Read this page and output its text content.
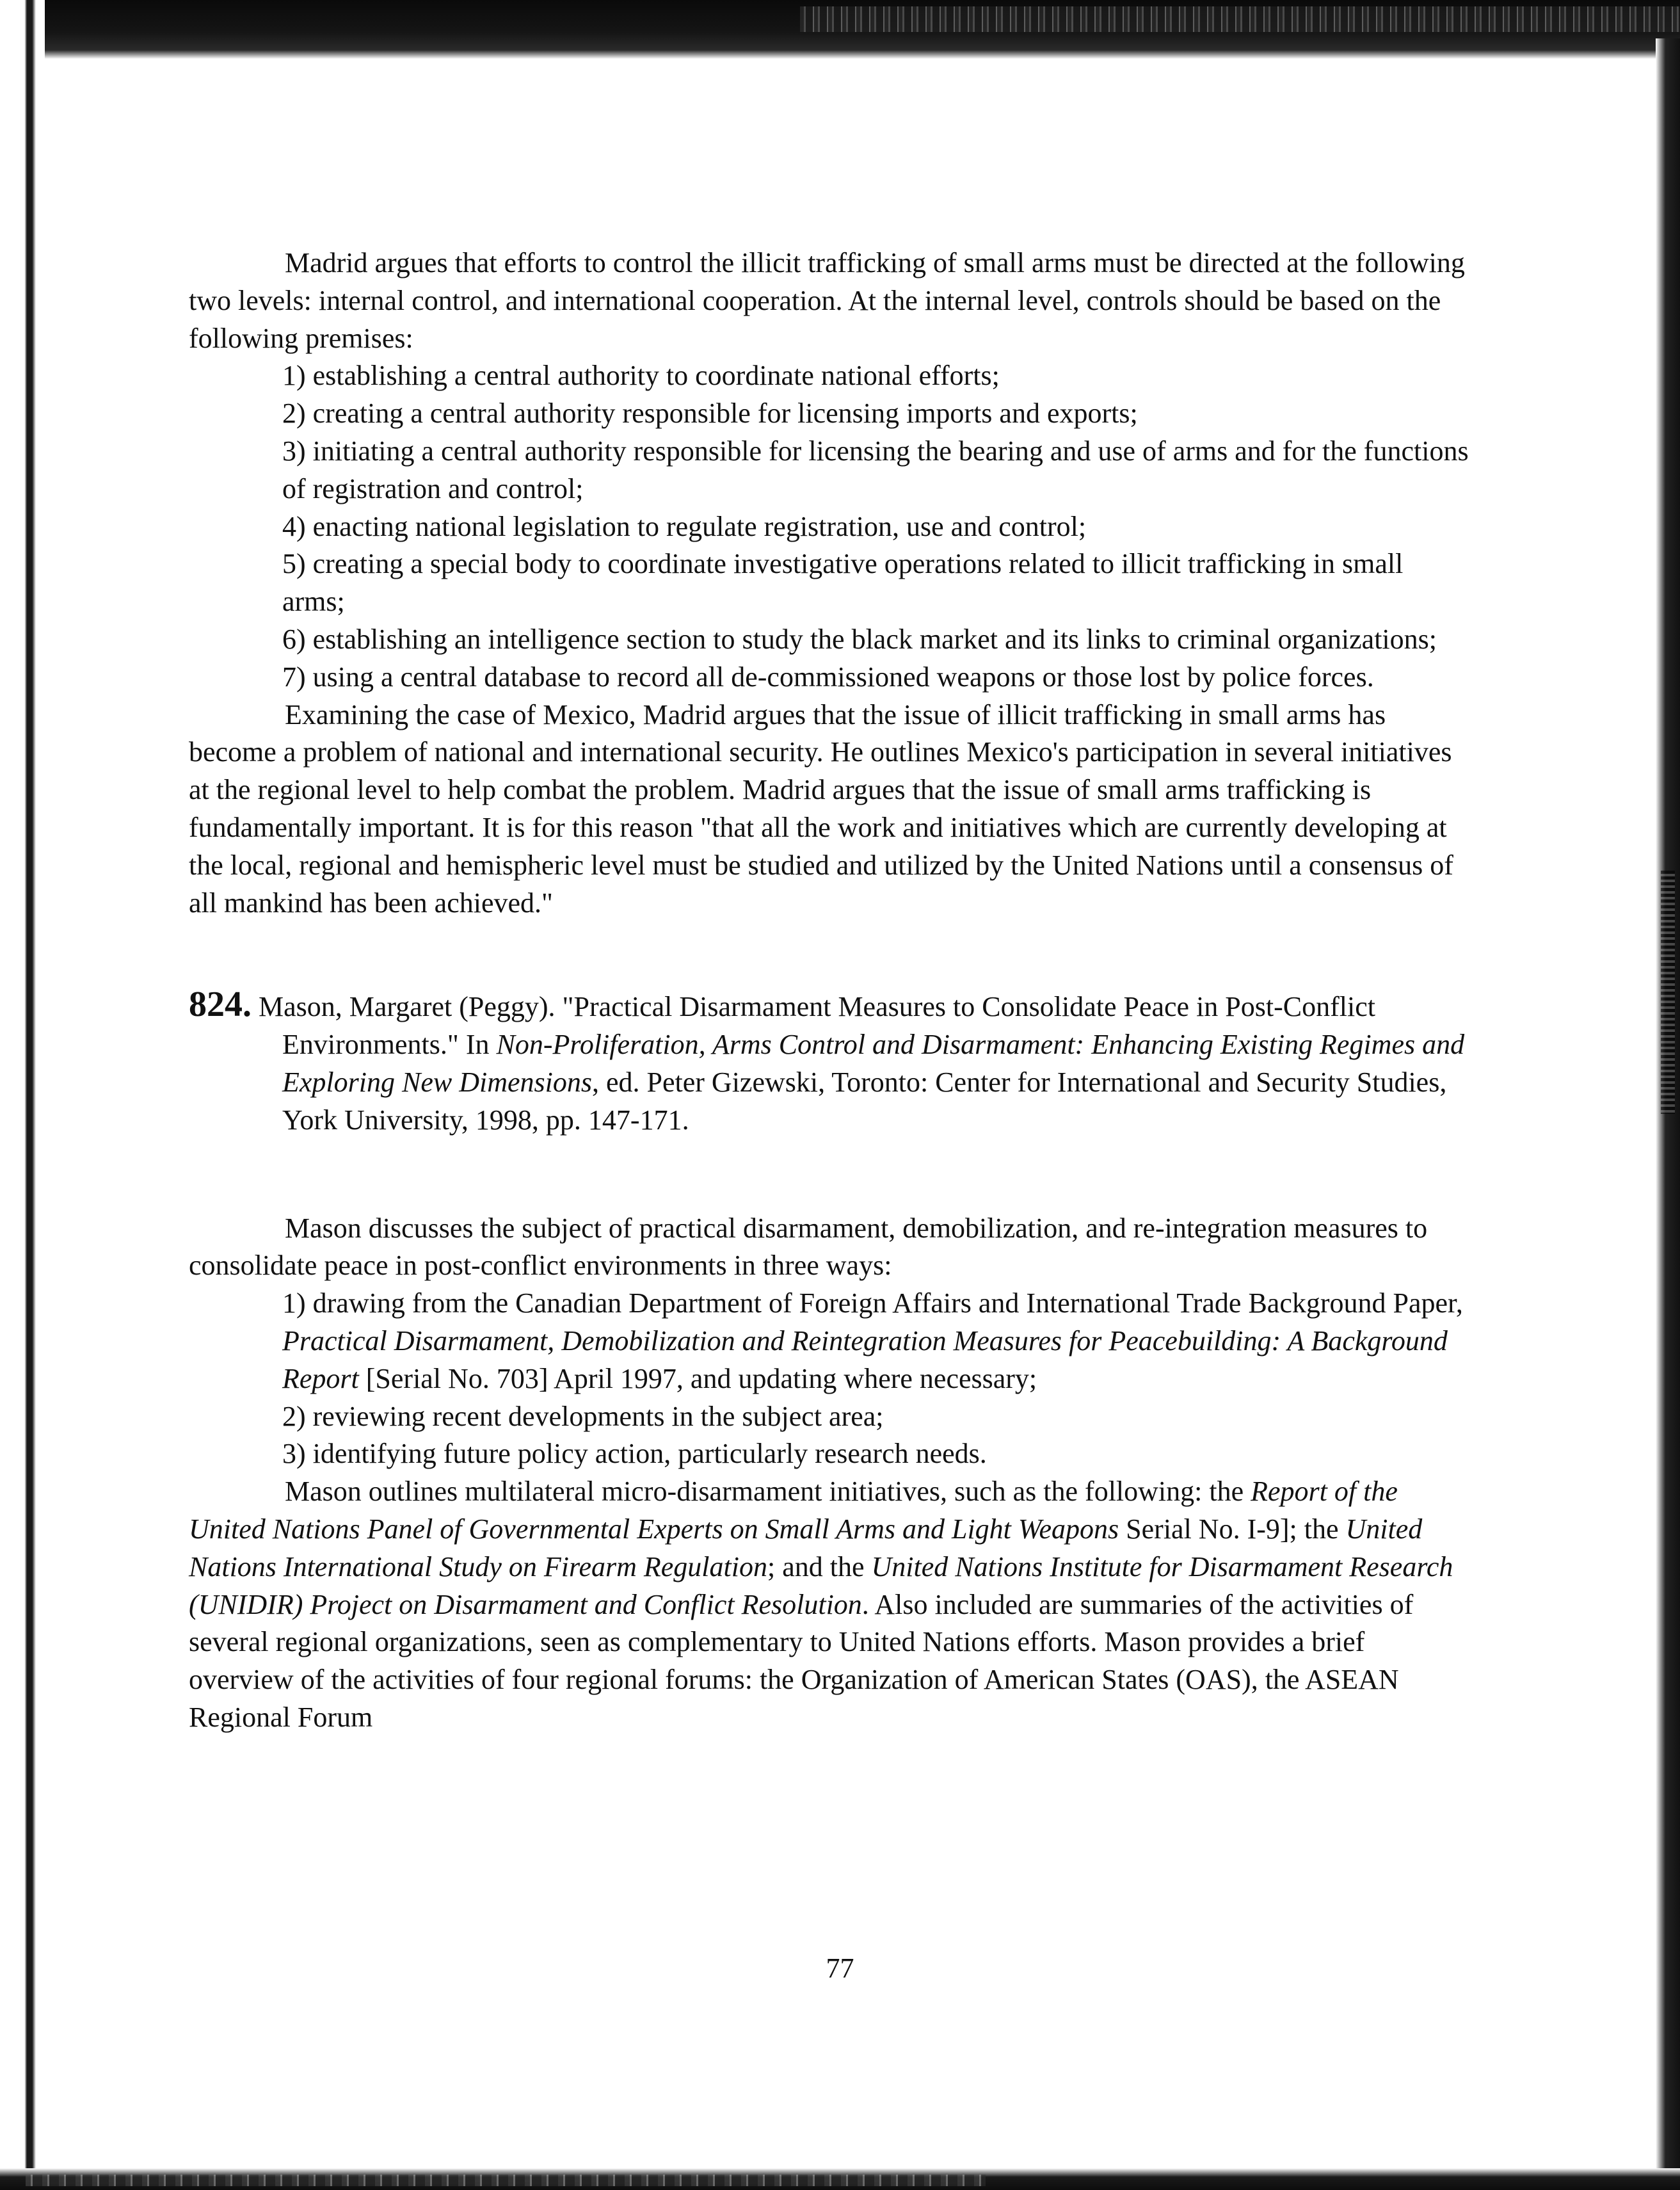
Madrid argues that efforts to control the illicit trafficking of small arms must be directed at the following two levels: internal control, and international cooperation. At the internal level, controls should be based on the following premises:

1) establishing a central authority to coordinate national efforts;

2) creating a central authority responsible for licensing imports and exports;

3) initiating a central authority responsible for licensing the bearing and use of arms and for the functions of registration and control;

4) enacting national legislation to regulate registration, use and control;

5) creating a special body to coordinate investigative operations related to illicit trafficking in small arms;

6) establishing an intelligence section to study the black market and its links to criminal organizations;

7) using a central database to record all de-commissioned weapons or those lost by police forces.

Examining the case of Mexico, Madrid argues that the issue of illicit trafficking in small arms has become a problem of national and international security. He outlines Mexico's participation in several initiatives at the regional level to help combat the problem. Madrid argues that the issue of small arms trafficking is fundamentally important. It is for this reason "that all the work and initiatives which are currently developing at the local, regional and hemispheric level must be studied and utilized by the United Nations until a consensus of all mankind has been achieved."

824. Mason, Margaret (Peggy). "Practical Disarmament Measures to Consolidate Peace in Post-Conflict Environments." In Non-Proliferation, Arms Control and Disarmament: Enhancing Existing Regimes and Exploring New Dimensions, ed. Peter Gizewski, Toronto: Center for International and Security Studies, York University, 1998, pp. 147-171.

Mason discusses the subject of practical disarmament, demobilization, and re-integration measures to consolidate peace in post-conflict environments in three ways:

1) drawing from the Canadian Department of Foreign Affairs and International Trade Background Paper, Practical Disarmament, Demobilization and Reintegration Measures for Peacebuilding: A Background Report [Serial No. 703] April 1997, and updating where necessary;

2) reviewing recent developments in the subject area;

3) identifying future policy action, particularly research needs.

Mason outlines multilateral micro-disarmament initiatives, such as the following: the Report of the United Nations Panel of Governmental Experts on Small Arms and Light Weapons Serial No. I-9]; the United Nations International Study on Firearm Regulation; and the United Nations Institute for Disarmament Research (UNIDIR) Project on Disarmament and Conflict Resolution. Also included are summaries of the activities of several regional organizations, seen as complementary to United Nations efforts. Mason provides a brief overview of the activities of four regional forums: the Organization of American States (OAS), the ASEAN Regional Forum

77
